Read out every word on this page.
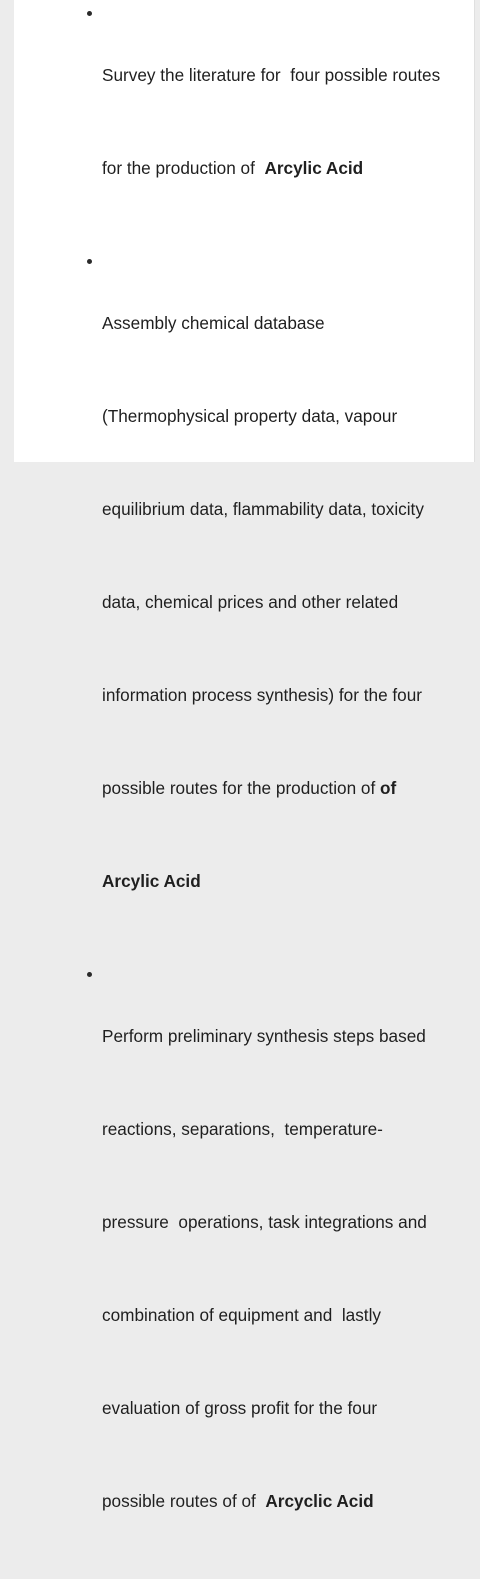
Survey the literature for  four possible routes

for the production of  Arcylic Acid

Assembly chemical database

(Thermophysical property data, vapour

equilibrium data, flammability data, toxicity

data, chemical prices and other related

information process synthesis) for the four

possible routes for the production of of

Arcylic Acid

Perform preliminary synthesis steps based

reactions, separations,  temperature-

pressure  operations, task integrations and

combination of equipment and  lastly

evaluation of gross profit for the four

possible routes of of  Arcyclic Acid
